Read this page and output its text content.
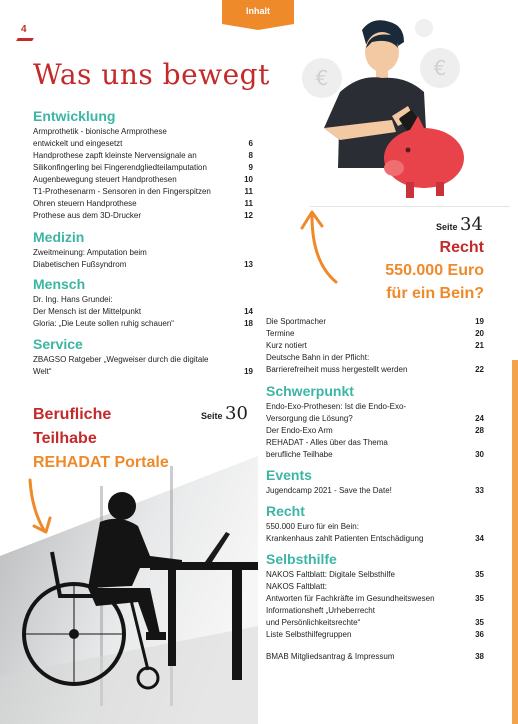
Inhalt
4
Was uns bewegt €	€
Entwicklung
Armprothetik - bionische Armprothese
entwickelt und eingesetzt	6
Handprothese zapft kleinste Nervensignale an	8
Silikonfingerling bei Fingerendgliedteilamputation	9
Augenbewegung steuert Handprothesen	10
T1-Prothesenarm - Sensoren in den Fingerspitzen	11
Ohren steuern Handprothese	11
Prothese aus dem 3D-Drucker	12
Medizin
Zweitmeinung: Amputation beim
Diabetischen Fußsyndrom	13
Mensch
Dr. Ing. Hans Grundei:
Der Mensch ist der Mittelpunkt	14
Gloria: „Die Leute sollen ruhig schauen“	18
Service
ZBAGSO Ratgeber „Wegweiser durch die digitale
Welt“	19
Berufliche
Teilhabe
REHADAT Portale
Seite 30
Seite 34
Recht
550.000 Euro
für ein Bein?
Die Sportmacher	19
Termine	20
Kurz notiert	21
Deutsche Bahn in der Pflicht:
Barrierefreiheit muss hergestellt werden	22
Schwerpunkt
Endo-Exo-Prothesen: Ist die Endo-Exo-
Versorgung die Lösung?	24
Der Endo-Exo Arm	28
REHADAT - Alles über das Thema
berufliche Teilhabe	30
Events
Jugendcamp 2021 - Save the Date!	33
Recht
550.000 Euro für ein Bein:
Krankenhaus zahlt Patienten Entschädigung	34
Selbsthilfe
NAKOS Faltblatt: Digitale Selbsthilfe	35
NAKOS Faltblatt:
Antworten für Fachkräfte im Gesundheitswesen	35
Informationsheft „Urheberrecht
und Persönlichkeitsrechte“	35
Liste Selbsthilfegruppen	36
BMAB Mitgliedsantrag & Impressum	38
